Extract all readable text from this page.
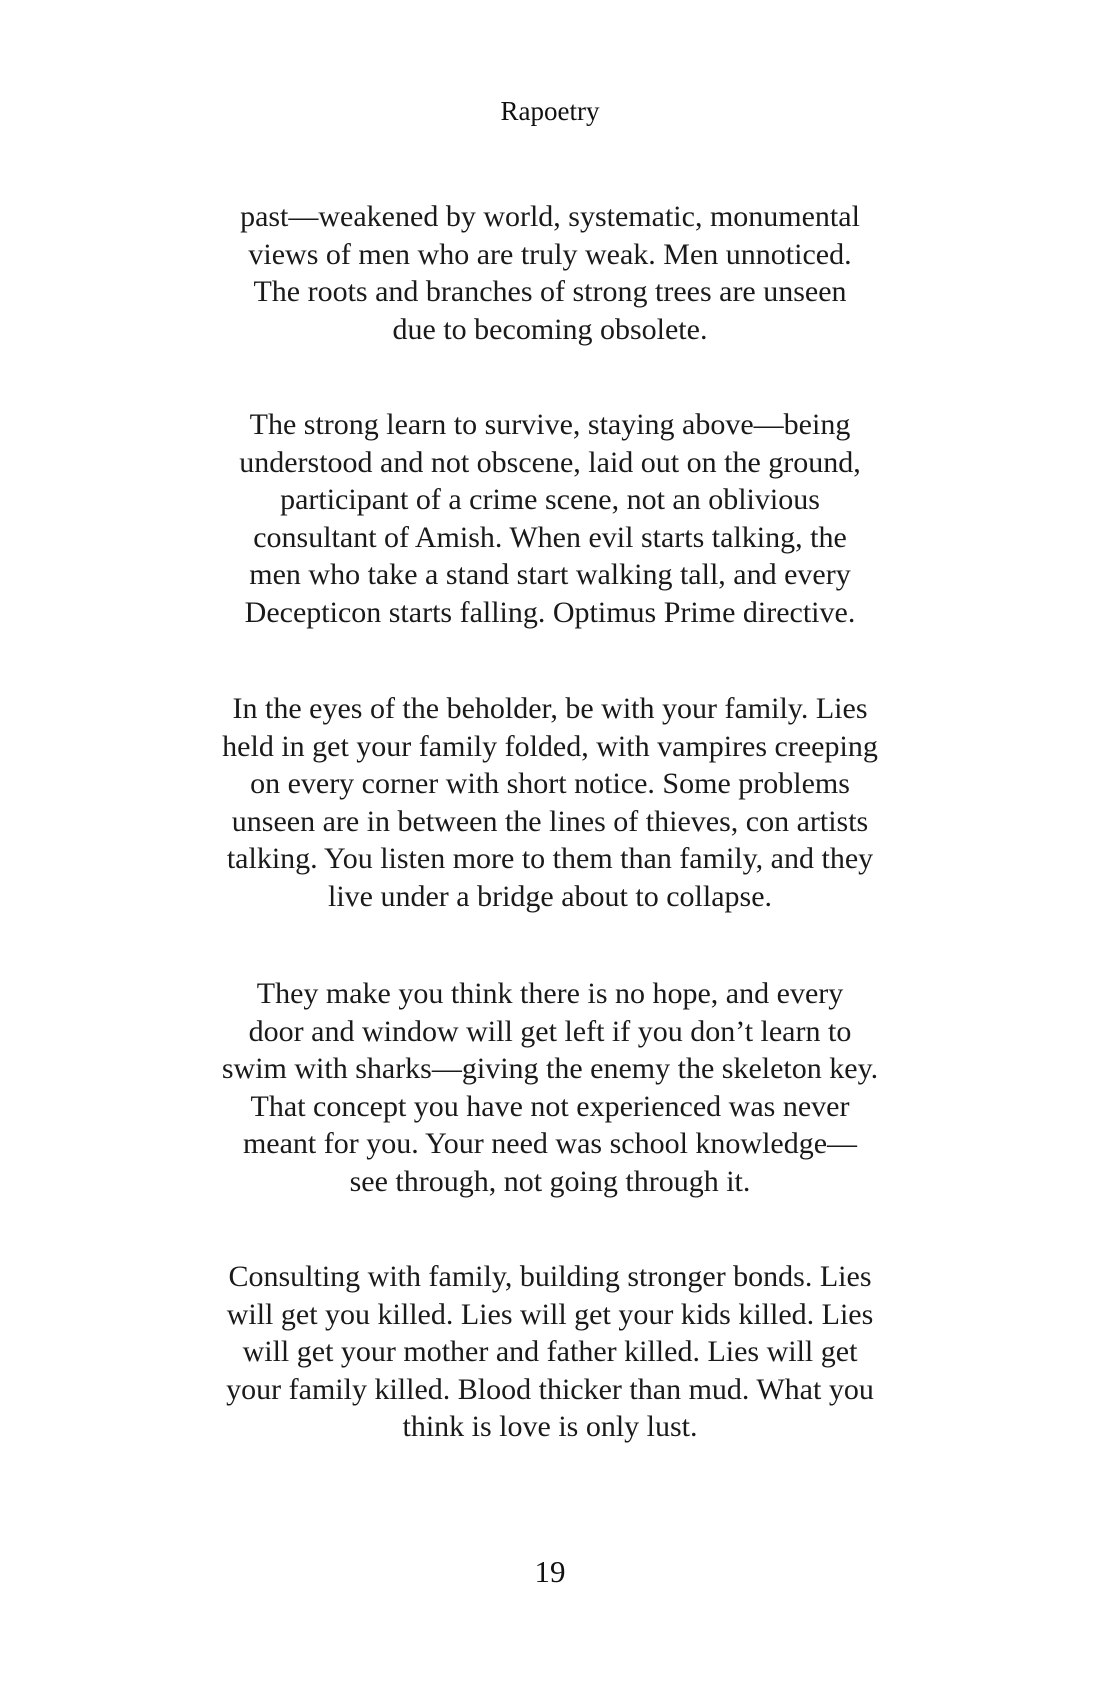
Rapoetry
past—weakened by world, systematic, monumental
views of men who are truly weak. Men unnoticed.
The roots and branches of strong trees are unseen
due to becoming obsolete.
The strong learn to survive, staying above—being
understood and not obscene, laid out on the ground,
participant of a crime scene, not an oblivious
consultant of Amish. When evil starts talking, the
men who take a stand start walking tall, and every
Decepticon starts falling. Optimus Prime directive.
In the eyes of the beholder, be with your family. Lies
held in get your family folded, with vampires creeping
on every corner with short notice. Some problems
unseen are in between the lines of thieves, con artists
talking. You listen more to them than family, and they
live under a bridge about to collapse.
They make you think there is no hope, and every
door and window will get left if you don’t learn to
swim with sharks—giving the enemy the skeleton key.
That concept you have not experienced was never
meant for you. Your need was school knowledge—
see through, not going through it.
Consulting with family, building stronger bonds. Lies
will get you killed. Lies will get your kids killed. Lies
will get your mother and father killed. Lies will get
your family killed. Blood thicker than mud. What you
think is love is only lust.
19
